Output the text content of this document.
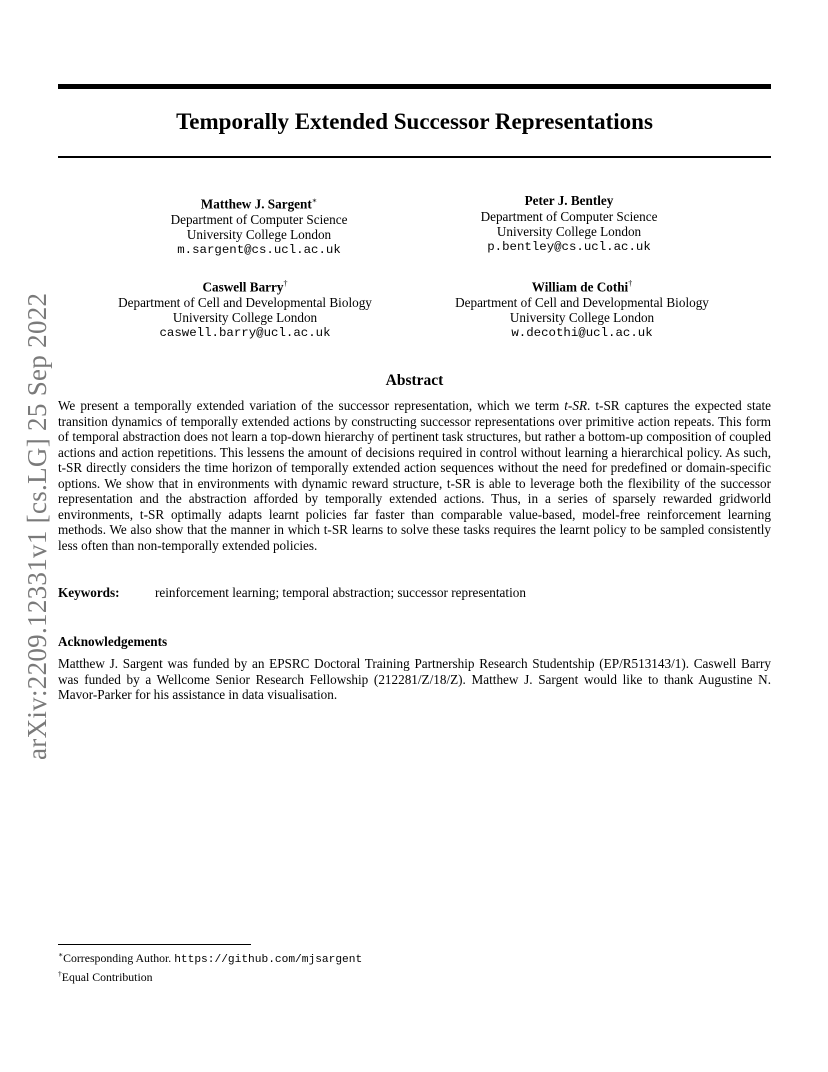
arXiv:2209.12331v1 [cs.LG] 25 Sep 2022
Temporally Extended Successor Representations
Matthew J. Sargent∗
Department of Computer Science
University College London
m.sargent@cs.ucl.ac.uk
Peter J. Bentley
Department of Computer Science
University College London
p.bentley@cs.ucl.ac.uk
Caswell Barry†
Department of Cell and Developmental Biology
University College London
caswell.barry@ucl.ac.uk
William de Cothi†
Department of Cell and Developmental Biology
University College London
w.decothi@ucl.ac.uk
Abstract

We present a temporally extended variation of the successor representation, which we term t-SR. t-SR captures the expected state transition dynamics of temporally extended actions by constructing successor representations over primitive action repeats. This form of temporal abstraction does not learn a top-down hierarchy of pertinent task structures, but rather a bottom-up composition of coupled actions and action repetitions. This lessens the amount of decisions required in control without learning a hierarchical policy. As such, t-SR directly considers the time horizon of temporally extended action sequences without the need for predefined or domain-specific options. We show that in environments with dynamic reward structure, t-SR is able to leverage both the flexibility of the successor representation and the abstraction afforded by temporally extended actions. Thus, in a series of sparsely rewarded gridworld environments, t-SR optimally adapts learnt policies far faster than comparable value-based, model-free reinforcement learning methods. We also show that the manner in which t-SR learns to solve these tasks requires the learnt policy to be sampled consistently less often than non-temporally extended policies.

Keywords:	reinforcement learning; temporal abstraction; successor representation
Acknowledgements

Matthew J. Sargent was funded by an EPSRC Doctoral Training Partnership Research Studentship (EP/R513143/1). Caswell Barry was funded by a Wellcome Senior Research Fellowship (212281/Z/18/Z). Matthew J. Sargent would like to thank Augustine N. Mavor-Parker for his assistance in data visualisation.

∗Corresponding Author. https://github.com/mjsargent
†Equal Contribution
